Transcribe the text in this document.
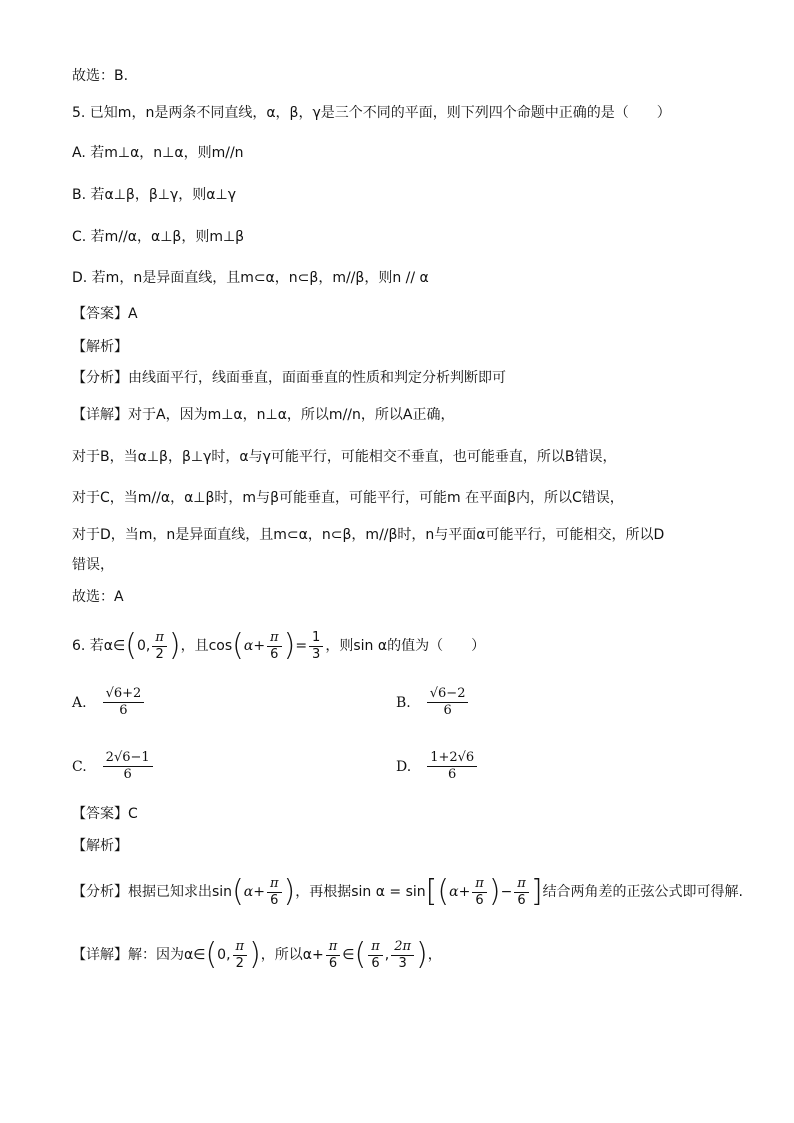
故选：B.
5. 已知m，n是两条不同直线，α，β，γ是三个不同的平面，则下列四个命题中正确的是（　　）
A. 若m⊥α，n⊥α，则m//n
B. 若α⊥β，β⊥γ，则α⊥γ
C. 若m//α，α⊥β，则m⊥β
D. 若m，n是异面直线，且m⊂α，n⊂β，m//β，则n // α
【答案】A
【解析】
【分析】由线面平行，线面垂直，面面垂直的性质和判定分析判断即可
【详解】对于A，因为m⊥α，n⊥α，所以m//n，所以A正确，
对于B，当α⊥β，β⊥γ时，α与γ可能平行，可能相交不垂直，也可能垂直，所以B错误，
对于C，当m//α，α⊥β时，m与β可能垂直，可能平行，可能m 在平面β内，所以C错误，
对于D，当m，n是异面直线，且m⊂α，n⊂β，m//β时，n与平面α可能平行，可能相交，所以D
错误，
故选：A
6. 若α∈ ( 0, $\frac{\pi}{2}$ ) ，且cos ( $\alpha+ \frac{\pi}{6}$ ) = $\frac{1}{3}$ ，则sin α的值为（　　）
A. $\frac{√6+2}{6}$	B. $\frac{√6-2}{6}$
C. $\frac{2√6-1}{6}$	D. $\frac{1+2√6}{6}$
【答案】C
【解析】
【分析】根据已知求出sin ( $\alpha+ \frac{\pi}{6}$ ) ，再根据sin α = sin [ ( $\alpha+ \frac{\pi}{6}$ ) − $\frac{\pi}{6}$ ] 结合两角差的正弦公式即可得解.
【详解】解：因为α∈ ( 0, $\frac{\pi}{2}$ ) ，所以$\alpha+ \frac{\pi}{6}$ ∈ ( $\frac{\pi}{6}$ , $\frac{2\pi}{3}$ ) ，
